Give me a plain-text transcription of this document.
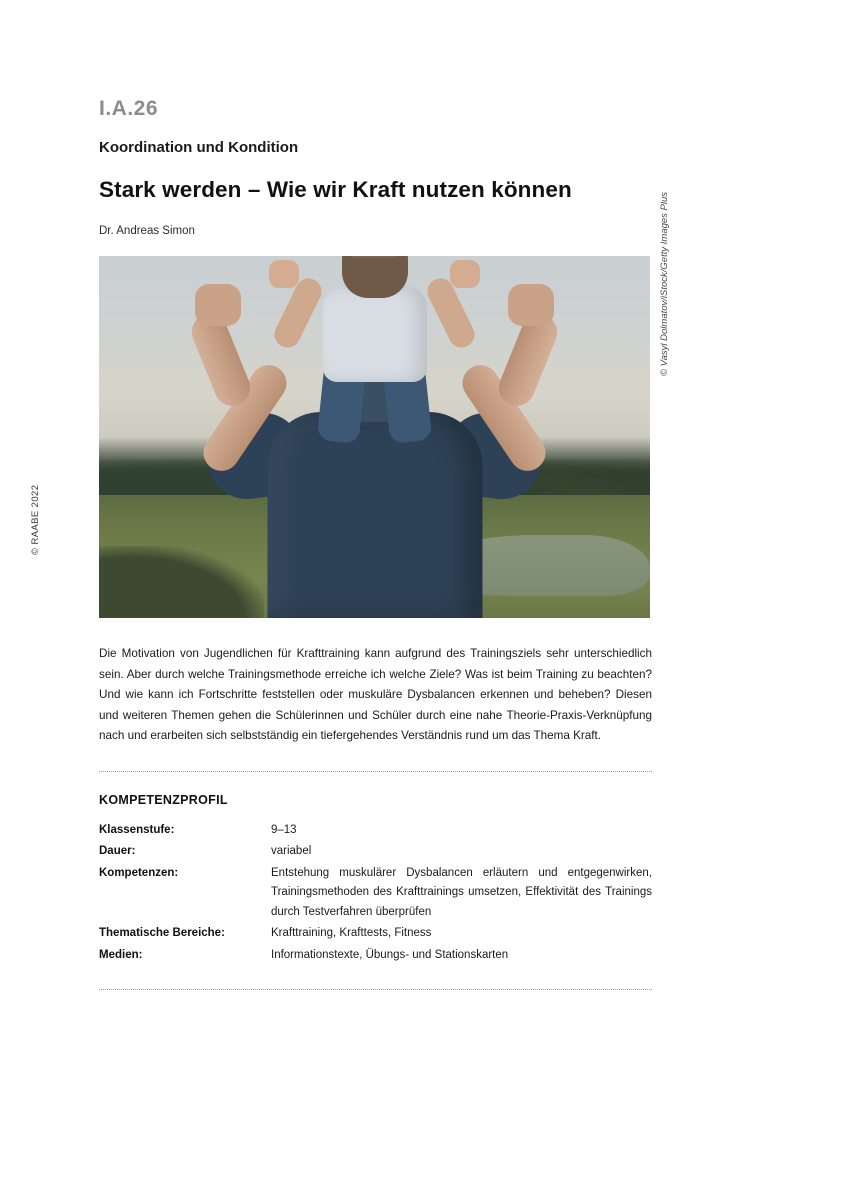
© RAABE 2022
I.A.26
Koordination und Kondition
Stark werden – Wie wir Kraft nutzen können
Dr. Andreas Simon	© Vasyl Dolmatov/iStock/Getty Images Plus
Die Motivation von Jugendlichen für Krafttraining kann aufgrund des Trainingsziels sehr unterschiedlich sein. Aber durch welche Trainingsmethode erreiche ich welche Ziele? Was ist beim Training zu beachten? Und wie kann ich Fortschritte feststellen oder muskuläre Dysbalancen erkennen und beheben? Diesen und weiteren Themen gehen die Schülerinnen und Schüler durch eine nahe Theorie-Praxis-Verknüpfung nach und erarbeiten sich selbstständig ein tiefergehendes Verständnis rund um das Thema Kraft.
KOMPETENZPROFIL
Klassenstufe:	9–13
Dauer:	variabel
Kompetenzen:	Entstehung muskulärer Dysbalancen erläutern und entgegenwirken, Trainingsmethoden des Krafttrainings umsetzen, Effektivität des Trainings durch Testverfahren überprüfen
Thematische Bereiche:	Krafttraining, Krafttests, Fitness
Medien:	Informationstexte, Übungs- und Stationskarten
